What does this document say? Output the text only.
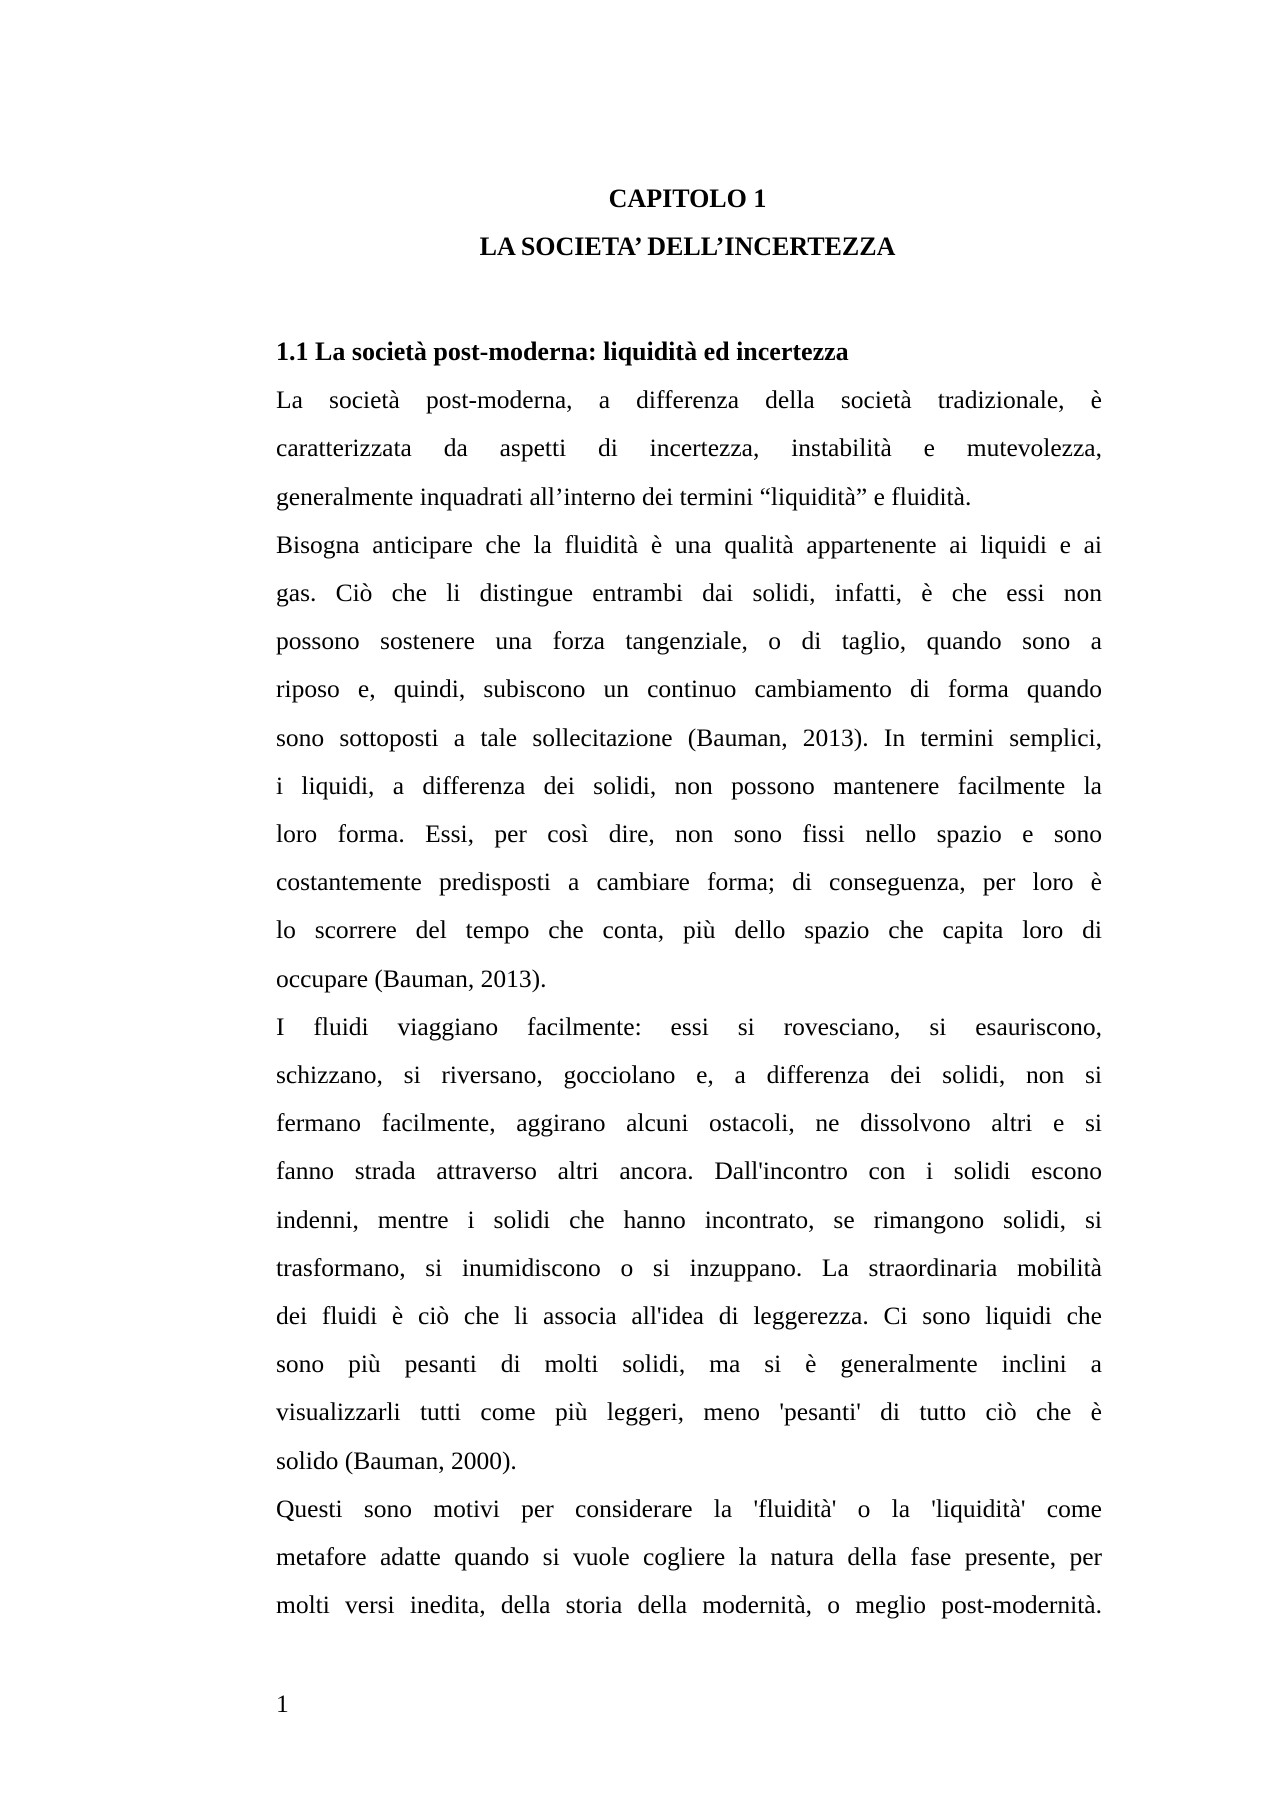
CAPITOLO 1
LA SOCIETA’ DELL’INCERTEZZA

1.1 La società post-moderna: liquidità ed incertezza

La società post-moderna, a differenza della società tradizionale, è
caratterizzata da aspetti di incertezza, instabilità e mutevolezza,
generalmente inquadrati all’interno dei termini “liquidità” e fluidità.

Bisogna anticipare che la fluidità è una qualità appartenente ai liquidi e ai
gas. Ciò che li distingue entrambi dai solidi, infatti, è che essi non
possono sostenere una forza tangenziale, o di taglio, quando sono a
riposo e, quindi, subiscono un continuo cambiamento di forma quando
sono sottoposti a tale sollecitazione (Bauman, 2013). In termini semplici,
i liquidi, a differenza dei solidi, non possono mantenere facilmente la
loro forma. Essi, per così dire, non sono fissi nello spazio e sono
costantemente predisposti a cambiare forma; di conseguenza, per loro è
lo scorrere del tempo che conta, più dello spazio che capita loro di
occupare (Bauman, 2013).

I fluidi viaggiano facilmente: essi si rovesciano, si esauriscono,
schizzano, si riversano, gocciolano e, a differenza dei solidi, non si
fermano facilmente, aggirano alcuni ostacoli, ne dissolvono altri e si
fanno strada attraverso altri ancora. Dall'incontro con i solidi escono
indenni, mentre i solidi che hanno incontrato, se rimangono solidi, si
trasformano, si inumidiscono o si inzuppano. La straordinaria mobilità
dei fluidi è ciò che li associa all'idea di leggerezza. Ci sono liquidi che
sono più pesanti di molti solidi, ma si è generalmente inclini a
visualizzarli tutti come più leggeri, meno 'pesanti' di tutto ciò che è
solido (Bauman, 2000).

Questi sono motivi per considerare la 'fluidità' o la 'liquidità' come
metafore adatte quando si vuole cogliere la natura della fase presente, per
molti versi inedita, della storia della modernità, o meglio post-modernità.

1
